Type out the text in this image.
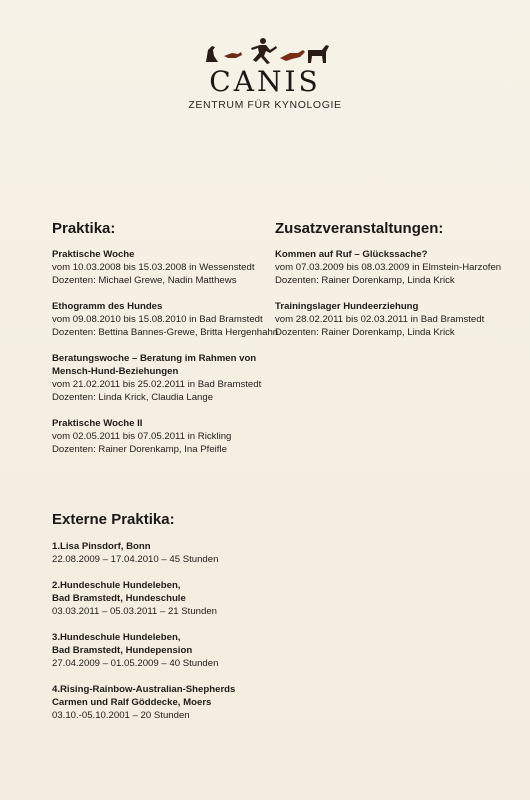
CANIS
ZENTRUM FÜR KYNOLOGIE
Praktika:
Praktische Woche
vom 10.03.2008 bis 15.03.2008 in Wessenstedt
Dozenten: Michael Grewe, Nadin Matthews
Ethogramm des Hundes
vom 09.08.2010 bis 15.08.2010 in Bad Bramstedt
Dozenten: Bettina Bannes-Grewe, Britta Hergenhahn
Beratungswoche – Beratung im Rahmen von
Mensch-Hund-Beziehungen
vom 21.02.2011 bis 25.02.2011 in Bad Bramstedt
Dozenten: Linda Krick, Claudia Lange
Praktische Woche II
vom 02.05.2011 bis 07.05.2011 in Rickling
Dozenten: Rainer Dorenkamp, Ina Pfeifle
Zusatzveranstaltungen:
Kommen auf Ruf – Glückssache?
vom 07.03.2009 bis 08.03.2009 in Elmstein-Harzofen
Dozenten: Rainer Dorenkamp, Linda Krick
Trainingslager Hundeerziehung
vom 28.02.2011 bis 02.03.2011 in Bad Bramstedt
Dozenten: Rainer Dorenkamp, Linda Krick
Externe Praktika:
1.Lisa Pinsdorf, Bonn
22.08.2009 – 17.04.2010 – 45 Stunden
2.Hundeschule Hundeleben,
Bad Bramstedt, Hundeschule
03.03.2011 – 05.03.2011 – 21 Stunden
3.Hundeschule Hundeleben,
Bad Bramstedt, Hundepension
27.04.2009 – 01.05.2009 – 40 Stunden
4.Rising-Rainbow-Australian-Shepherds
Carmen und Ralf Göddecke, Moers
03.10.-05.10.2001 – 20 Stunden
